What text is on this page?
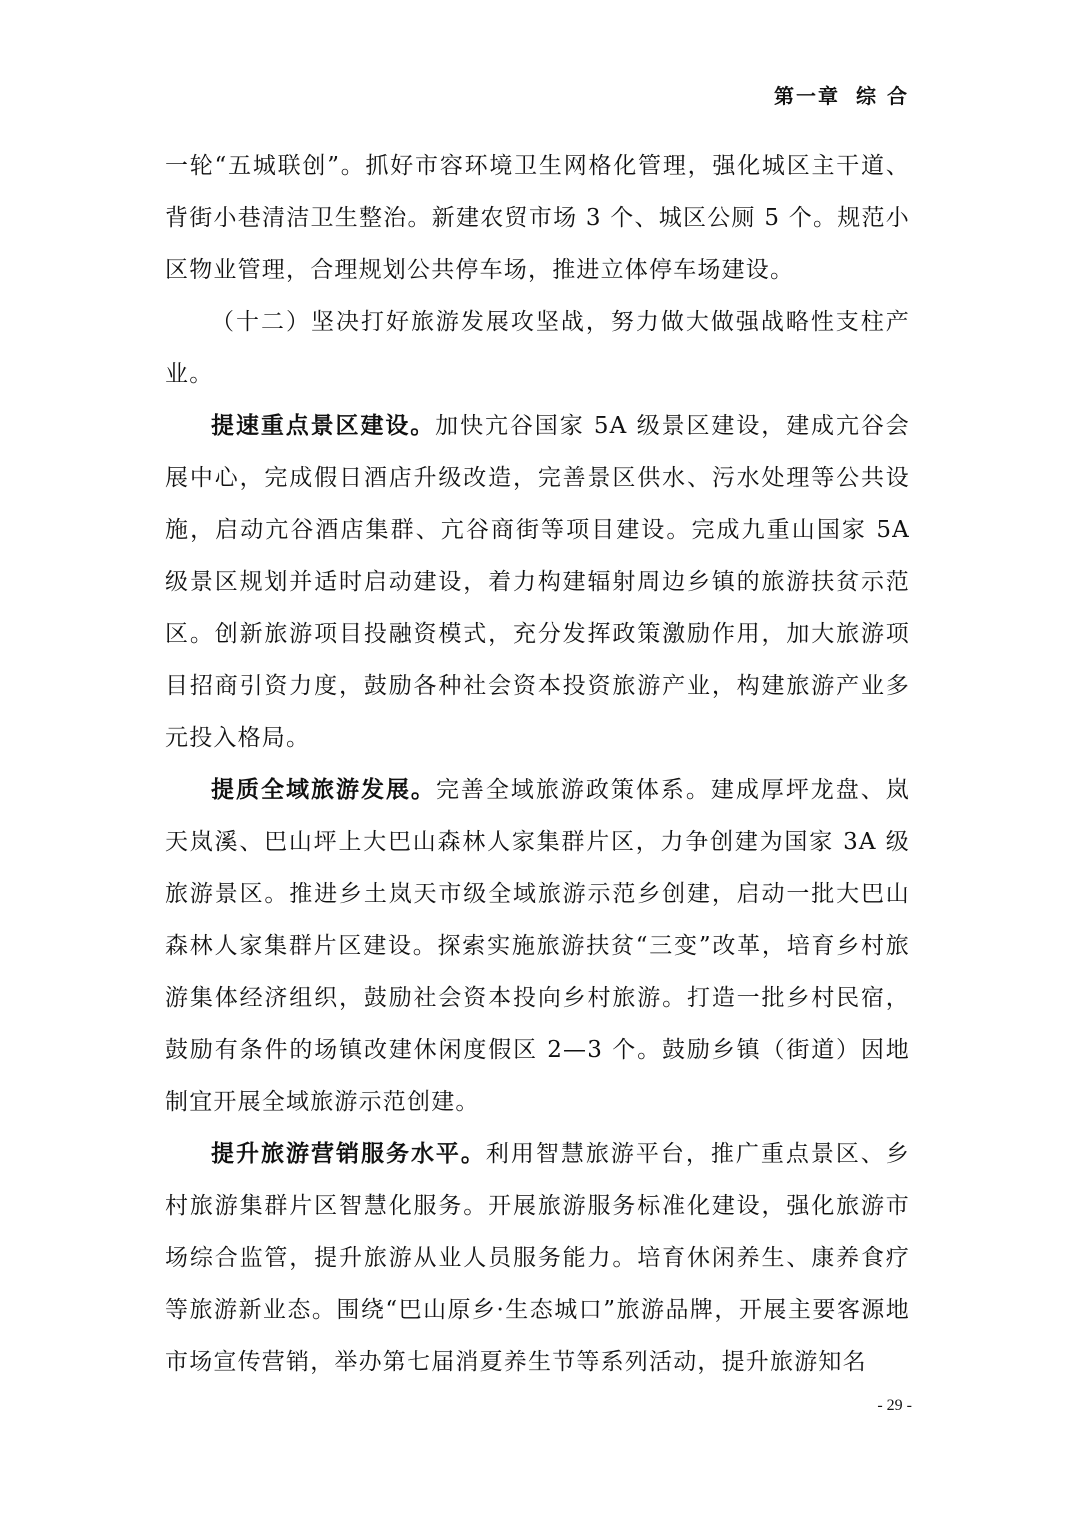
第一章 综 合

一轮“五城联创”。抓好市容环境卫生网格化管理，强化城区主干道、背街小巷清洁卫生整治。新建农贸市场 3 个、城区公厕 5 个。规范小区物业管理，合理规划公共停车场，推进立体停车场建设。

（十二）坚决打好旅游发展攻坚战，努力做大做强战略性支柱产业。

提速重点景区建设。加快亢谷国家 5A 级景区建设，建成亢谷会展中心，完成假日酒店升级改造，完善景区供水、污水处理等公共设施，启动亢谷酒店集群、亢谷商街等项目建设。完成九重山国家 5A 级景区规划并适时启动建设，着力构建辐射周边乡镇的旅游扶贫示范区。创新旅游项目投融资模式，充分发挥政策激励作用，加大旅游项目招商引资力度，鼓励各种社会资本投资旅游产业，构建旅游产业多元投入格局。

提质全域旅游发展。完善全域旅游政策体系。建成厚坪龙盘、岚天岚溪、巴山坪上大巴山森林人家集群片区，力争创建为国家 3A 级旅游景区。推进乡土岚天市级全域旅游示范乡创建，启动一批大巴山森林人家集群片区建设。探索实施旅游扶贫“三变”改革，培育乡村旅游集体经济组织，鼓励社会资本投向乡村旅游。打造一批乡村民宿，鼓励有条件的场镇改建休闲度假区 2—3 个。鼓励乡镇（街道）因地制宜开展全域旅游示范创建。

提升旅游营销服务水平。利用智慧旅游平台，推广重点景区、乡村旅游集群片区智慧化服务。开展旅游服务标准化建设，强化旅游市场综合监管，提升旅游从业人员服务能力。培育休闲养生、康养食疗等旅游新业态。围绕“巴山原乡·生态城口”旅游品牌，开展主要客源地市场宣传营销，举办第七届消夏养生节等系列活动，提升旅游知名

- 29 -
